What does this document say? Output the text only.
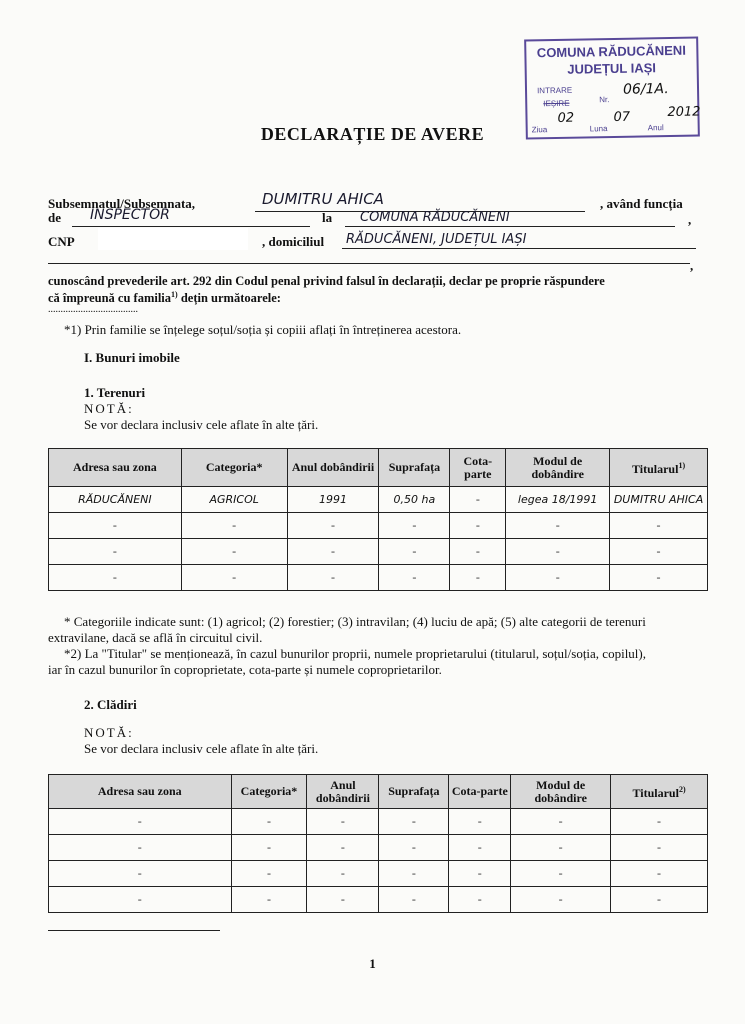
COMUNA RĂDUCĂNENI
JUDEȚUL IAȘI
INTRARE
IEȘIRE	Nr.
06/1A.
02	07	2012
Ziua	Luna	Anul
DECLARAȚIE DE AVERE
Subsemnatul/Subsemnata,	DUMITRU AHICA	, având funcția
de INSPECTOR	la COMUNA RĂDUCĂNENI	,
CNP	, domiciliul RĂDUCĂNENI, JUDEȚUL IAȘI
,
cunoscând prevederile art. 292 din Codul penal privind falsul în declarații, declar pe proprie răspundere
că împreună cu familia$^{1)}$ dețin următoarele:
....................................
*1) Prin familie se înțelege soțul/soția și copiii aflați în întreținerea acestora.
I. Bunuri imobile
1. Terenuri
NOTĂ:
Se vor declara inclusiv cele aflate în alte țări.
Adresa sau zona	Categoria*	Anul dobândirii	Suprafața	Cota-parte	Modul de dobândire	Titularul$^{1)}$
RĂDUCĂNENI	AGRICOL	1991	0,50 ha	-	legea 18/1991	DUMITRU AHICA
-	-	-	-	-	-	-
-	-	-	-	-	-	-
-	-	-	-	-	-	-
* Categoriile indicate sunt: (1) agricol; (2) forestier; (3) intravilan; (4) luciu de apă; (5) alte categorii de terenuri
extravilane, dacă se află în circuitul civil.
*2) La "Titular" se menționează, în cazul bunurilor proprii, numele proprietarului (titularul, soțul/soția, copilul),
iar în cazul bunurilor în coproprietate, cota-parte și numele coproprietarilor.
2. Clădiri
NOTĂ:
Se vor declara inclusiv cele aflate în alte țări.
Adresa sau zona	Categoria*	Anul dobândirii	Suprafața	Cota-parte	Modul de dobândire	Titularul$^{2)}$
-	-	-	-	-	-	-
-	-	-	-	-	-	-
-	-	-	-	-	-	-
-	-	-	-	-	-	-
1
